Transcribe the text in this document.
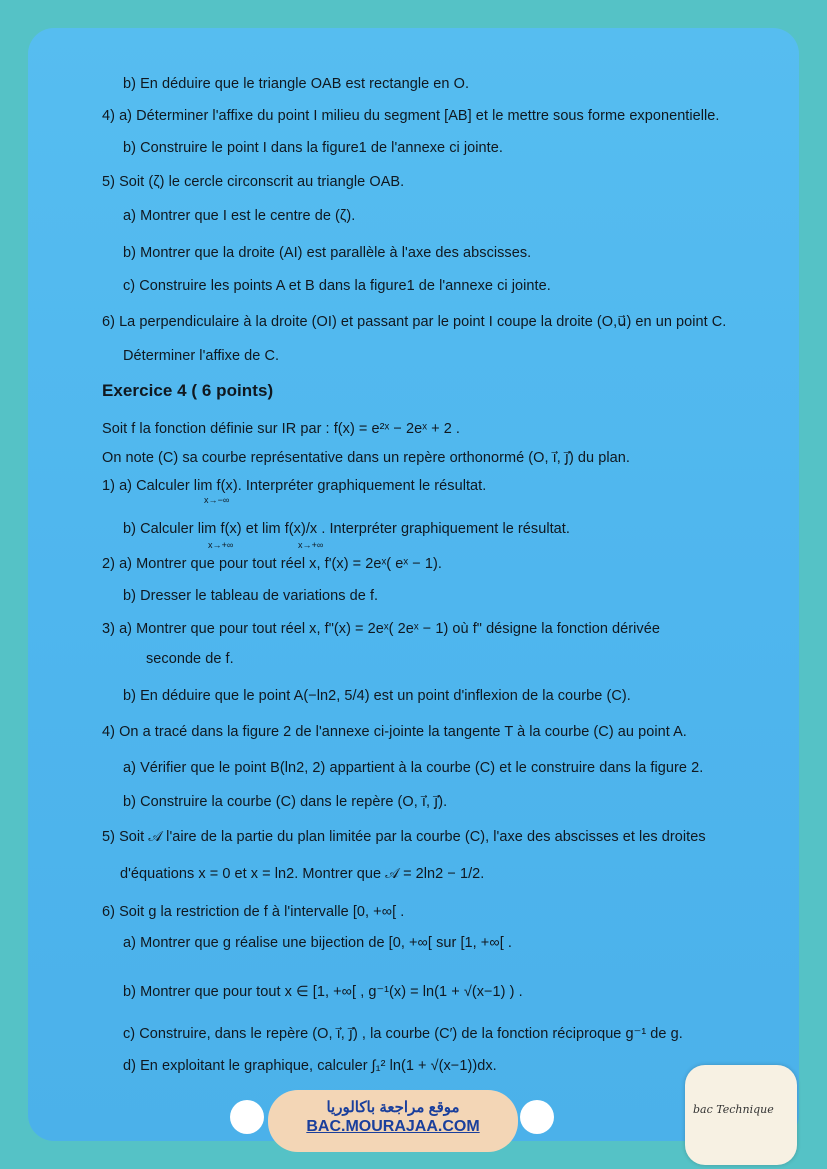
b) En déduire que le triangle OAB est rectangle en O.
4) a) Déterminer l'affixe du point I milieu du segment [AB] et le mettre sous forme exponentielle.
b) Construire le point I dans la figure1 de l'annexe ci jointe.
5) Soit (ζ) le cercle circonscrit au triangle OAB.
a) Montrer que I est le centre de (ζ).
b) Montrer que la droite (AI) est parallèle à l'axe des abscisses.
c) Construire les points A et B dans la figure1 de l'annexe ci jointe.
6) La perpendiculaire à la droite (OI) et passant par le point I coupe la droite (O,u⃗) en un point C.
Déterminer l'affixe de C.
Exercice 4 ( 6 points)
Soit f la fonction définie sur IR par : f(x) = e²ˣ − 2eˣ + 2 .
On note (C) sa courbe représentative dans un repère orthonormé (O, i⃗, j⃗) du plan.
1) a) Calculer lim f(x). Interpréter graphiquement le résultat.
x→−∞
b) Calculer lim f(x) et lim f(x)/x . Interpréter graphiquement le résultat.
x→+∞	x→+∞
2) a) Montrer que pour tout réel x, f'(x) = 2eˣ( eˣ − 1).
b) Dresser le tableau de variations de f.
3) a) Montrer que pour tout réel x, f"(x) = 2eˣ( 2eˣ − 1) où f" désigne la fonction dérivée
seconde de f.
b) En déduire que le point A(−ln2, 5/4) est un point d'inflexion de la courbe (C).
4) On a tracé dans la figure 2 de l'annexe ci-jointe la tangente T à la courbe (C) au point A.
a) Vérifier que le point B(ln2, 2) appartient à la courbe (C) et le construire dans la figure 2.
b) Construire la courbe (C) dans le repère (O, i⃗, j⃗).
5) Soit 𝒜 l'aire de la partie du plan limitée par la courbe (C), l'axe des abscisses et les droites
d'équations x = 0 et x = ln2. Montrer que 𝒜 = 2ln2 − 1/2.
6) Soit g la restriction de f à l'intervalle [0, +∞[ .
a) Montrer que g réalise une bijection de [0, +∞[ sur [1, +∞[ .
b) Montrer que pour tout x ∈ [1, +∞[ , g⁻¹(x) = ln(1 + √(x−1) ) .
c) Construire, dans le repère (O, i⃗, j⃗) , la courbe (C′) de la fonction réciproque g⁻¹ de g.
d) En exploitant le graphique, calculer ∫₁² ln(1 + √(x−1))dx.
موقع مراجعة باكالوريا
BAC.MOURAJAA.COM
bac Technique
